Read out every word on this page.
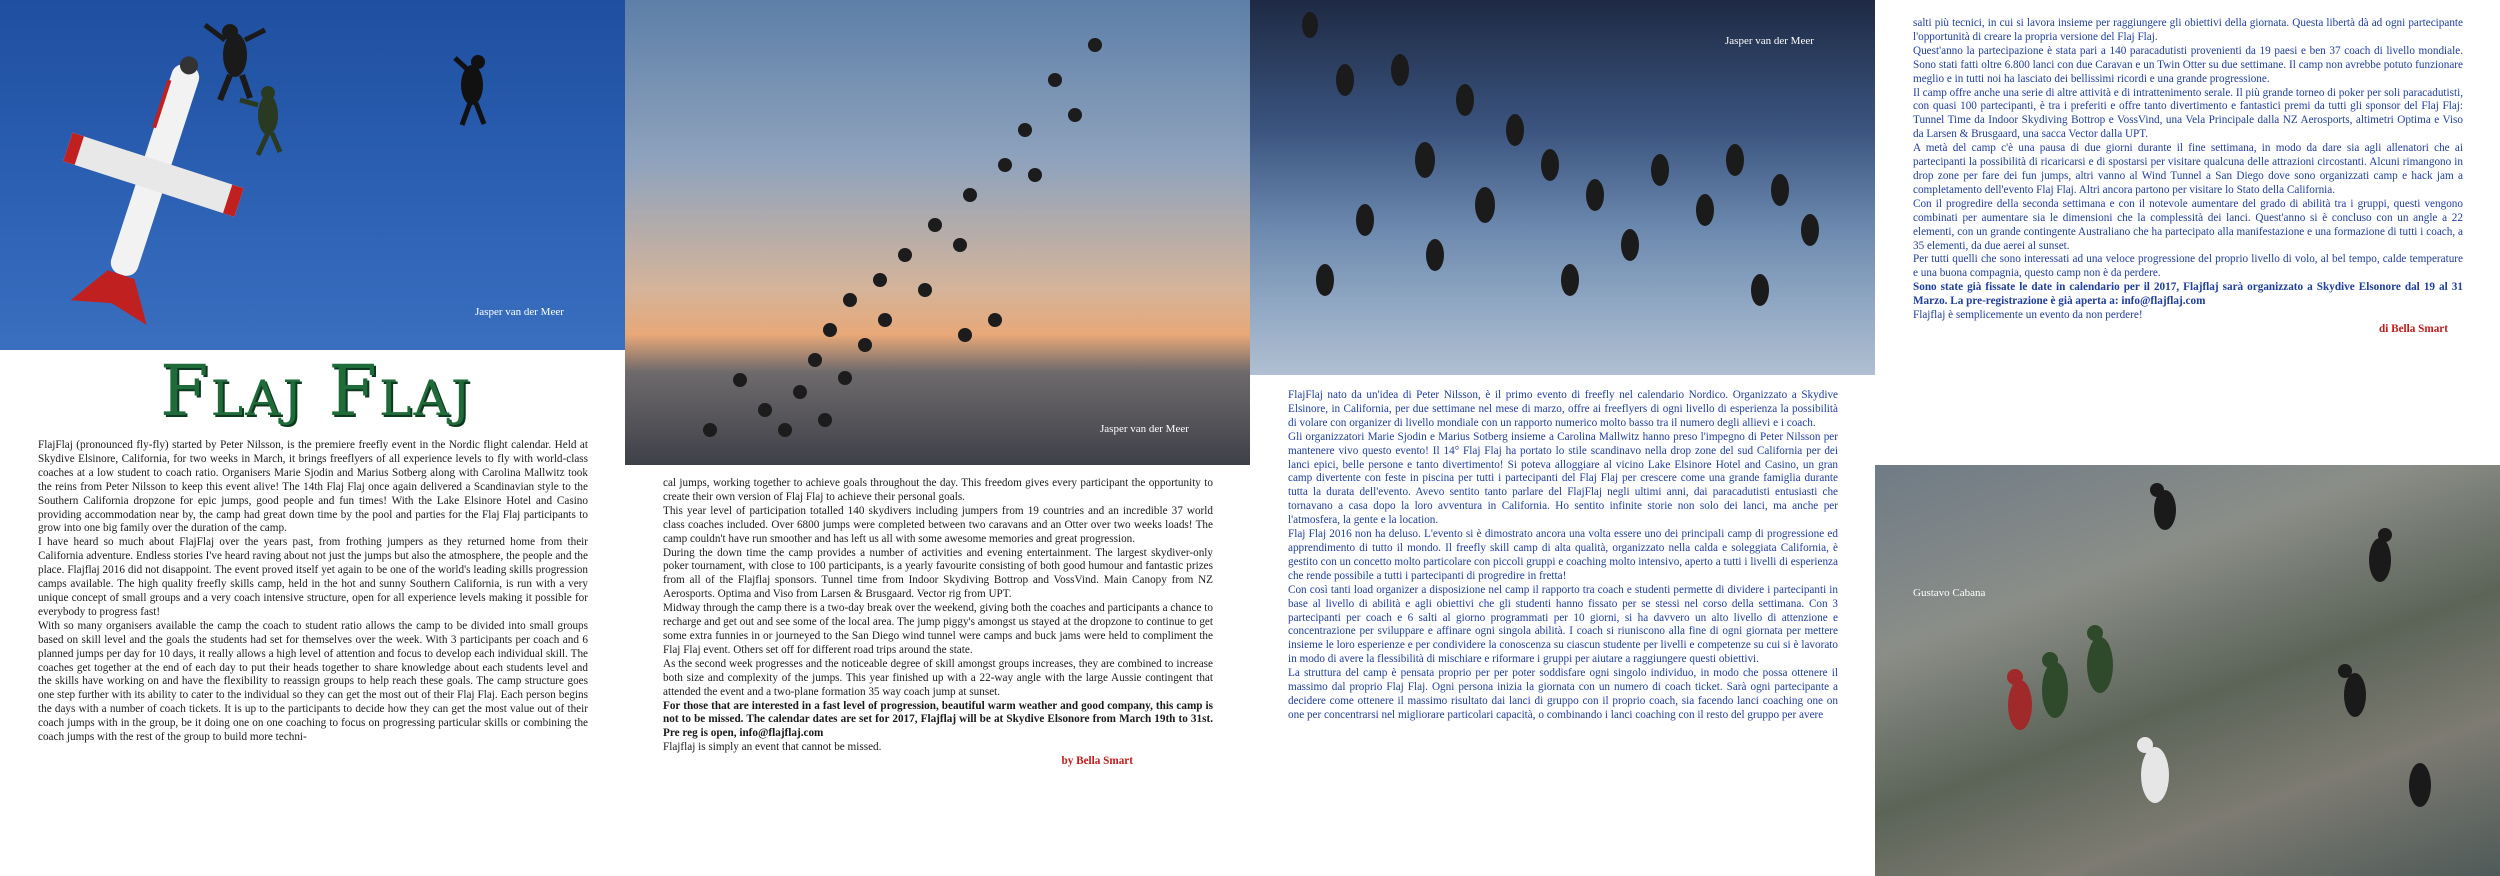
Jasper van der Meer
Flaj Flaj

FlajFlaj (pronounced fly-fly) started by Peter Nilsson, is the premiere freefly event in the Nordic flight calendar. Held at Skydive Elsinore, California, for two weeks in March, it brings freeflyers of all experience levels to fly with world-class coaches at a low student to coach ratio. Organisers Marie Sjodin and Marius Sotberg along with Carolina Mallwitz took the reins from Peter Nilsson to keep this event alive! The 14th Flaj Flaj once again delivered a Scandinavian style to the Southern California dropzone for epic jumps, good people and fun times! With the Lake Elsinore Hotel and Casino providing accommodation near by, the camp had great down time by the pool and parties for the Flaj Flaj participants to grow into one big family over the duration of the camp.

I have heard so much about FlajFlaj over the years past, from frothing jumpers as they returned home from their California adventure. Endless stories I've heard raving about not just the jumps but also the atmosphere, the people and the place. Flajflaj 2016 did not disappoint. The event proved itself yet again to be one of the world's leading skills progression camps available. The high quality freefly skills camp, held in the hot and sunny Southern California, is run with a very unique concept of small groups and a very coach intensive structure, open for all experience levels making it possible for everybody to progress fast!

With so many organisers available the camp the coach to student ratio allows the camp to be divided into small groups based on skill level and the goals the students had set for themselves over the week. With 3 participants per coach and 6 planned jumps per day for 10 days, it really allows a high level of attention and focus to develop each individual skill. The coaches get together at the end of each day to put their heads together to share knowledge about each students level and the skills have working on and have the flexibility to reassign groups to help reach these goals. The camp structure goes one step further with its ability to cater to the individual so they can get the most out of their Flaj Flaj. Each person begins the days with a number of coach tickets. It is up to the participants to decide how they can get the most value out of their coach jumps with in the group, be it doing one on one coaching to focus on progressing particular skills or combining the coach jumps with the rest of the group to build more techni-

Jasper van der Meer

cal jumps, working together to achieve goals throughout the day. This freedom gives every participant the opportunity to create their own version of Flaj Flaj to achieve their personal goals.

This year level of participation totalled 140 skydivers including jumpers from 19 countries and an incredible 37 world class coaches included. Over 6800 jumps were completed between two caravans and an Otter over two weeks loads! The camp couldn't have run smoother and has left us all with some awesome memories and great progression.

During the down time the camp provides a number of activities and evening entertainment. The largest skydiver-only poker tournament, with close to 100 participants, is a yearly favourite consisting of both good humour and fantastic prizes from all of the Flajflaj sponsors. Tunnel time from Indoor Skydiving Bottrop and VossVind. Main Canopy from NZ Aerosports. Optima and Viso from Larsen & Brusgaard. Vector rig from UPT.

Midway through the camp there is a two-day break over the weekend, giving both the coaches and participants a chance to recharge and get out and see some of the local area. The jump piggy's amongst us stayed at the dropzone to continue to get some extra funnies in or journeyed to the San Diego wind tunnel were camps and buck jams were held to compliment the Flaj Flaj event. Others set off for different road trips around the state.

As the second week progresses and the noticeable degree of skill amongst groups increases, they are combined to increase both size and complexity of the jumps. This year finished up with a 22-way angle with the large Aussie contingent that attended the event and a two-plane formation 35 way coach jump at sunset.

For those that are interested in a fast level of progression, beautiful warm weather and good company, this camp is not to be missed. The calendar dates are set for 2017, Flajflaj will be at Skydive Elsonore from March 19th to 31st. Pre reg is open, info@flajflaj.com

Flajflaj is simply an event that cannot be missed.

by Bella Smart

Jasper van der Meer

FlajFlaj nato da un'idea di Peter Nilsson, è il primo evento di freefly nel calendario Nordico. Organizzato a Skydive Elsinore, in California, per due settimane nel mese di marzo, offre ai freeflyers di ogni livello di esperienza la possibilità di volare con organizer di livello mondiale con un rapporto numerico molto basso tra il numero degli allievi e i coach.

Gli organizzatori Marie Sjodin e Marius Sotberg insieme a Carolina Mallwitz hanno preso l'impegno di Peter Nilsson per mantenere vivo questo evento! Il 14° Flaj Flaj ha portato lo stile scandinavo nella drop zone del sud California per dei lanci epici, belle persone e tanto divertimento! Si poteva alloggiare al vicino Lake Elsinore Hotel and Casino, un gran camp divertente con feste in piscina per tutti i partecipanti del Flaj Flaj per crescere come una grande famiglia durante tutta la durata dell'evento. Avevo sentito tanto parlare del FlajFlaj negli ultimi anni, dai paracadutisti entusiasti che tornavano a casa dopo la loro avventura in California. Ho sentito infinite storie non solo dei lanci, ma anche per l'atmosfera, la gente e la location.

Flaj Flaj 2016 non ha deluso. L'evento si è dimostrato ancora una volta essere uno dei principali camp di progressione ed apprendimento di tutto il mondo. Il freefly skill camp di alta qualità, organizzato nella calda e soleggiata California, è gestito con un concetto molto particolare con piccoli gruppi e coaching molto intensivo, aperto a tutti i livelli di esperienza che rende possibile a tutti i partecipanti di progredire in fretta!

Con così tanti load organizer a disposizione nel camp il rapporto tra coach e studenti permette di dividere i partecipanti in base al livello di abilità e agli obiettivi che gli studenti hanno fissato per se stessi nel corso della settimana. Con 3 partecipanti per coach e 6 salti al giorno programmati per 10 giorni, si ha davvero un alto livello di attenzione e concentrazione per sviluppare e affinare ogni singola abilità. I coach si riuniscono alla fine di ogni giornata per mettere insieme le loro esperienze e per condividere la conoscenza su ciascun studente per livelli e competenze su cui si è lavorato in modo di avere la flessibilità di mischiare e riformare i gruppi per aiutare a raggiungere questi obiettivi.

La struttura del camp è pensata proprio per per poter soddisfare ogni singolo individuo, in modo che possa ottenere il massimo dal proprio Flaj Flaj. Ogni persona inizia la giornata con un numero di coach ticket. Sarà ogni partecipante a decidere come ottenere il massimo risultato dai lanci di gruppo con il proprio coach, sia facendo lanci coaching one on one per concentrarsi nel migliorare particolari capacità, o combinando i lanci coaching con il resto del gruppo per avere

salti più tecnici, in cui si lavora insieme per raggiungere gli obiettivi della giornata. Questa libertà dà ad ogni partecipante l'opportunità di creare la propria versione del Flaj Flaj.

Quest'anno la partecipazione è stata pari a 140 paracadutisti provenienti da 19 paesi e ben 37 coach di livello mondiale. Sono stati fatti oltre 6.800 lanci con due Caravan e un Twin Otter su due settimane. Il camp non avrebbe potuto funzionare meglio e in tutti noi ha lasciato dei bellissimi ricordi e una grande progressione.

Il camp offre anche una serie di altre attività e di intrattenimento serale. Il più grande torneo di poker per soli paracadutisti, con quasi 100 partecipanti, è tra i preferiti e offre tanto divertimento e fantastici premi da tutti gli sponsor del Flaj Flaj: Tunnel Time da Indoor Skydiving Bottrop e VossVind, una Vela Principale dalla NZ Aerosports, altimetri Optima e Viso da Larsen & Brusgaard, una sacca Vector dalla UPT.

A metà del camp c'è una pausa di due giorni durante il fine settimana, in modo da dare sia agli allenatori che ai partecipanti la possibilità di ricaricarsi e di spostarsi per visitare qualcuna delle attrazioni circostanti. Alcuni rimangono in drop zone per fare dei fun jumps, altri vanno al Wind Tunnel a San Diego dove sono organizzati camp e hack jam a completamento dell'evento Flaj Flaj. Altri ancora partono per visitare lo Stato della California.

Con il progredire della seconda settimana e con il notevole aumentare del grado di abilità tra i gruppi, questi vengono combinati per aumentare sia le dimensioni che la complessità dei lanci. Quest'anno si è concluso con un angle a 22 elementi, con un grande contingente Australiano che ha partecipato alla manifestazione e una formazione di tutti i coach, a 35 elementi, da due aerei al sunset.

Per tutti quelli che sono interessati ad una veloce progressione del proprio livello di volo, al bel tempo, calde temperature e una buona compagnia, questo camp non è da perdere.

Sono state già fissate le date in calendario per il 2017, Flajflaj sarà organizzato a Skydive Elsonore dal 19 al 31 Marzo. La pre-registrazione è già aperta a: info@flajflaj.com

Flajflaj è semplicemente un evento da non perdere!

di Bella Smart

Gustavo Cabana
